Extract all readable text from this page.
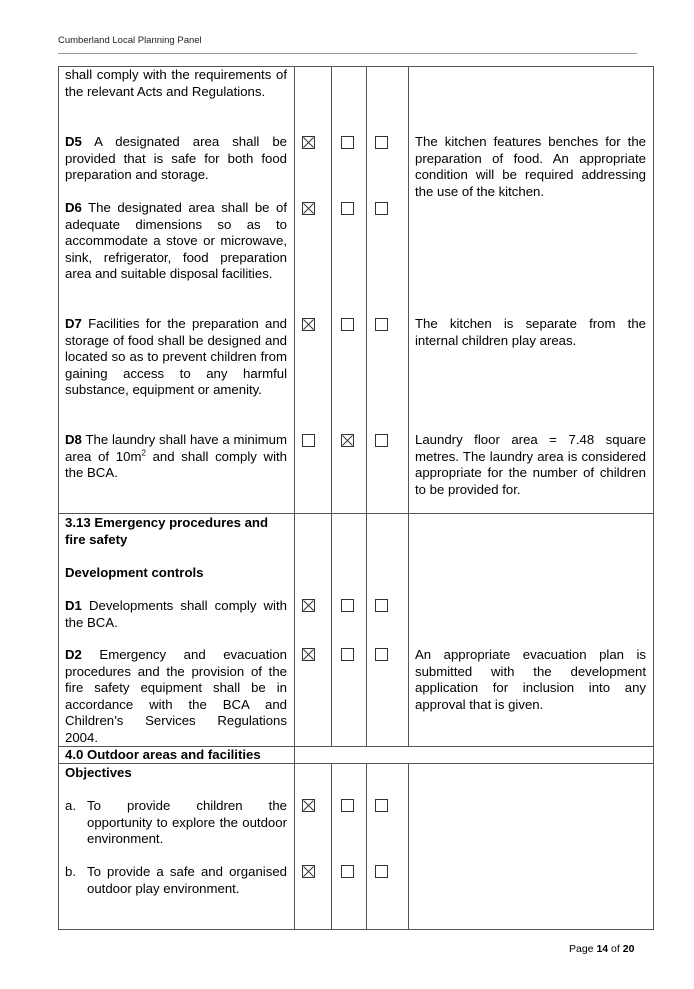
Cumberland Local Planning Panel
shall comply with the requirements of the relevant Acts and Regulations.
D5 A designated area shall be provided that is safe for both food preparation and storage.
D6 The designated area shall be of adequate dimensions so as to accommodate a stove or microwave, sink, refrigerator, food preparation area and suitable disposal facilities.
D7 Facilities for the preparation and storage of food shall be designed and located so as to prevent children from gaining access to any harmful substance, equipment or amenity.
D8 The laundry shall have a minimum area of $10m^2$ and shall comply with the BCA.
3.13 Emergency procedures and fire safety
Development controls
D1 Developments shall comply with the BCA.
D2 Emergency and evacuation procedures and the provision of the fire safety equipment shall be in accordance with the BCA and Children’s Services Regulations 2004.
4.0 Outdoor areas and facilities
Objectives
a. To provide children the opportunity to explore the outdoor environment.
b. To provide a safe and organised outdoor play environment.
The kitchen features benches for the preparation of food. An appropriate condition will be required addressing the use of the kitchen.
The kitchen is separate from the internal children play areas.
Laundry floor area = 7.48 square metres. The laundry area is considered appropriate for the number of children to be provided for.
An appropriate evacuation plan is submitted with the development application for inclusion into any approval that is given.
Page 14 of 20
